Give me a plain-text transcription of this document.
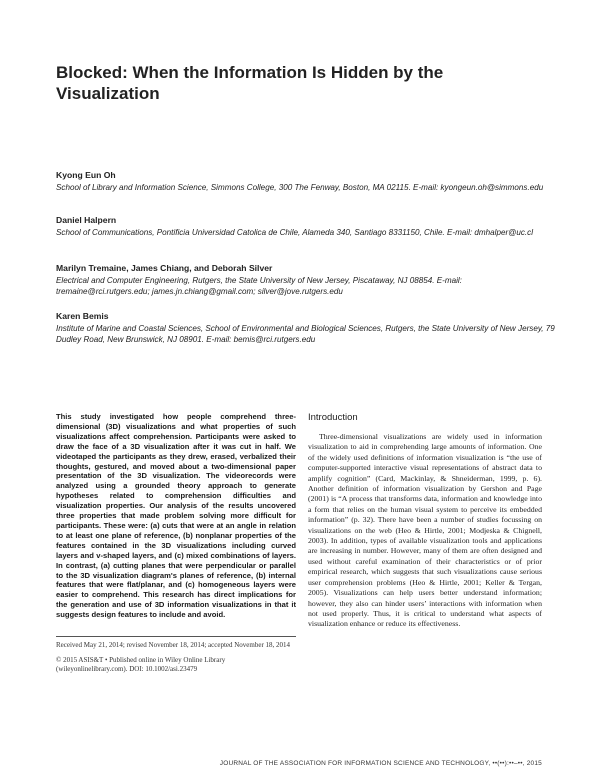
Blocked: When the Information Is Hidden by the Visualization
Kyong Eun Oh
School of Library and Information Science, Simmons College, 300 The Fenway, Boston, MA 02115. E-mail: kyongeun.oh@simmons.edu
Daniel Halpern
School of Communications, Pontificia Universidad Catolica de Chile, Alameda 340, Santiago 8331150, Chile. E-mail: dmhalper@uc.cl
Marilyn Tremaine, James Chiang, and Deborah Silver
Electrical and Computer Engineering, Rutgers, the State University of New Jersey, Piscataway, NJ 08854. E-mail: tremaine@rci.rutgers.edu; james.jn.chiang@gmail.com; silver@jove.rutgers.edu
Karen Bemis
Institute of Marine and Coastal Sciences, School of Environmental and Biological Sciences, Rutgers, the State University of New Jersey, 79 Dudley Road, New Brunswick, NJ 08901. E-mail: bemis@rci.rutgers.edu

This study investigated how people comprehend three-dimensional (3D) visualizations and what properties of such visualizations affect comprehension. Participants were asked to draw the face of a 3D visualization after it was cut in half. We videotaped the participants as they drew, erased, verbalized their thoughts, gestured, and moved about a two-dimensional paper presentation of the 3D visualization. The videorecords were analyzed using a grounded theory approach to generate hypotheses related to comprehension difficulties and visualization properties. Our analysis of the results uncovered three properties that made problem solving more difficult for participants. These were: (a) cuts that were at an angle in relation to at least one plane of reference, (b) nonplanar properties of the features contained in the 3D visualizations including curved layers and v-shaped layers, and (c) mixed combinations of layers. In contrast, (a) cutting planes that were perpendicular or parallel to the 3D visualization diagram's planes of reference, (b) internal features that were flat/planar, and (c) homogeneous layers were easier to comprehend. This research has direct implications for the generation and use of 3D information visualizations in that it suggests design features to include and avoid.

Received May 21, 2014; revised November 18, 2014; accepted November 18, 2014

© 2015 ASIS&T • Published online in Wiley Online Library (wileyonlinelibrary.com). DOI: 10.1002/asi.23479

Introduction

Three-dimensional visualizations are widely used in information visualization to aid in comprehending large amounts of information. One of the widely used definitions of information visualization is “the use of computer-supported interactive visual representations of abstract data to amplify cognition” (Card, Mackinlay, & Shneiderman, 1999, p. 6). Another definition of information visualization by Gershon and Page (2001) is “A process that transforms data, information and knowledge into a form that relies on the human visual system to perceive its embedded information” (p. 32). There have been a number of studies focussing on visualizations on the web (Heo & Hirtle, 2001; Modjeska & Chignell, 2003). In addition, types of available visualization tools and applications are increasing in number. However, many of them are often designed and used without careful examination of their characteristics or of prior empirical research, which suggests that such visualizations cause serious user comprehension problems (Heo & Hirtle, 2001; Keller & Tergan, 2005). Visualizations can help users better understand information; however, they also can hinder users’ interactions with information when not used properly. Thus, it is critical to understand what aspects of visualization enhance or reduce its effectiveness.

JOURNAL OF THE ASSOCIATION FOR INFORMATION SCIENCE AND TECHNOLOGY, ••(••):••–••, 2015
